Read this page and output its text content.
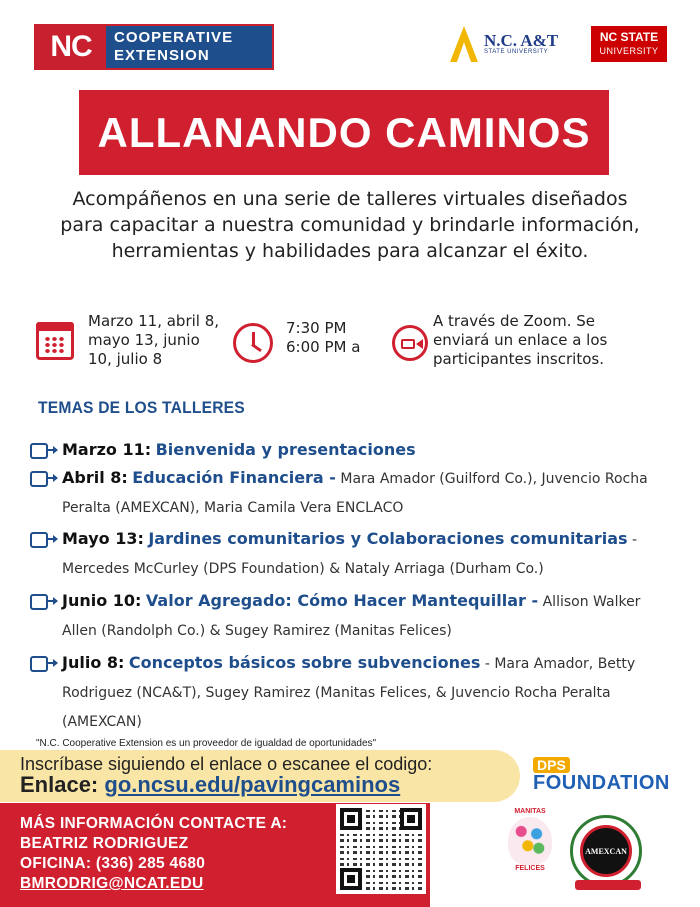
NC	COOPERATIVE
EXTENSION
N.C. A&T
STATE UNIVERSITY
NC STATE
UNIVERSITY
ALLANANDO CAMINOS
Acompáñenos en una serie de talleres virtuales diseñados para capacitar a nuestra comunidad y brindarle información, herramientas y habilidades para alcanzar el éxito.
Marzo 11, abril 8, mayo 13, junio 10, julio 8
7:30 PM
6:00 PM a
A través de Zoom. Se enviará un enlace a los participantes inscritos.
TEMAS DE LOS TALLERES
Marzo 11: Bienvenida y presentaciones
Abril 8: Educación Financiera - Mara Amador (Guilford Co.), Juvencio Rocha Peralta (AMEXCAN), Maria Camila Vera ENCLACO
Mayo 13: Jardines comunitarios y Colaboraciones comunitarias - Mercedes McCurley (DPS Foundation) & Nataly Arriaga (Durham Co.)
Junio 10: Valor Agregado: Cómo Hacer Mantequillar - Allison Walker Allen (Randolph Co.) & Sugey Ramirez (Manitas Felices)
Julio 8: Conceptos básicos sobre subvenciones - Mara Amador, Betty Rodriguez (NCA&T), Sugey Ramirez (Manitas Felices, & Juvencio Rocha Peralta (AMEXCAN)
"N.C. Cooperative Extension es un proveedor de igualdad de oportunidades"
Inscríbase siguiendo el enlace o escanee el codigo:
Enlace: go.ncsu.edu/pavingcaminos
MÁS INFORMACIÓN CONTACTE A:
BEATRIZ RODRIGUEZ
OFICINA: (336) 285 4680
BMRODRIG@NCAT.EDU
DPS
FOUNDATION
MANITAS
FELICES
AMEXCAN
